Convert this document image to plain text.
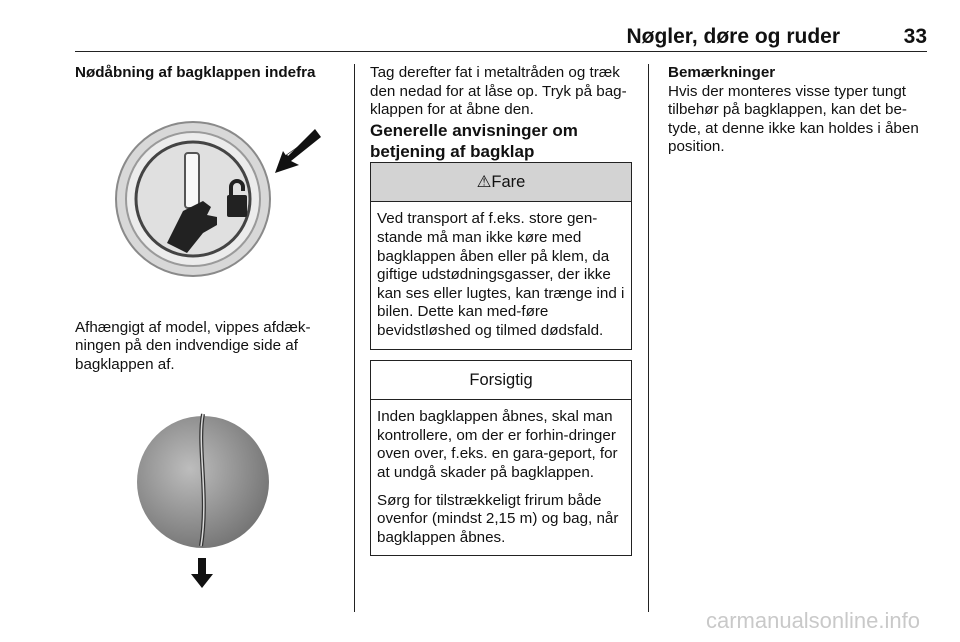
Nøgler, døre og ruder	33

Nødåbning af bagklappen indefra

Afhængigt af model, vippes afdæk-ningen på den indvendige side af bagklappen af.

Tag derefter fat i metaltråden og træk den nedad for at låse op. Tryk på bag-klappen for at åbne den.

Generelle anvisninger om betjening af bagklap

⚠Fare

Ved transport af f.eks. store gen-stande må man ikke køre med bagklappen åben eller på klem, da giftige udstødningsgasser, der ikke kan ses eller lugtes, kan trænge ind i bilen. Dette kan med-føre bevidstløshed og tilmed dødsfald.

Forsigtig

Inden bagklappen åbnes, skal man kontrollere, om der er forhin-dringer oven over, f.eks. en gara-geport, for at undgå skader på bagklappen.

Sørg for tilstrækkeligt frirum både ovenfor (mindst 2,15 m) og bag, når bagklappen åbnes.

Bemærkninger

Hvis der monteres visse typer tungt tilbehør på bagklappen, kan det be-tyde, at denne ikke kan holdes i åben position.

carmanualsonline.info
